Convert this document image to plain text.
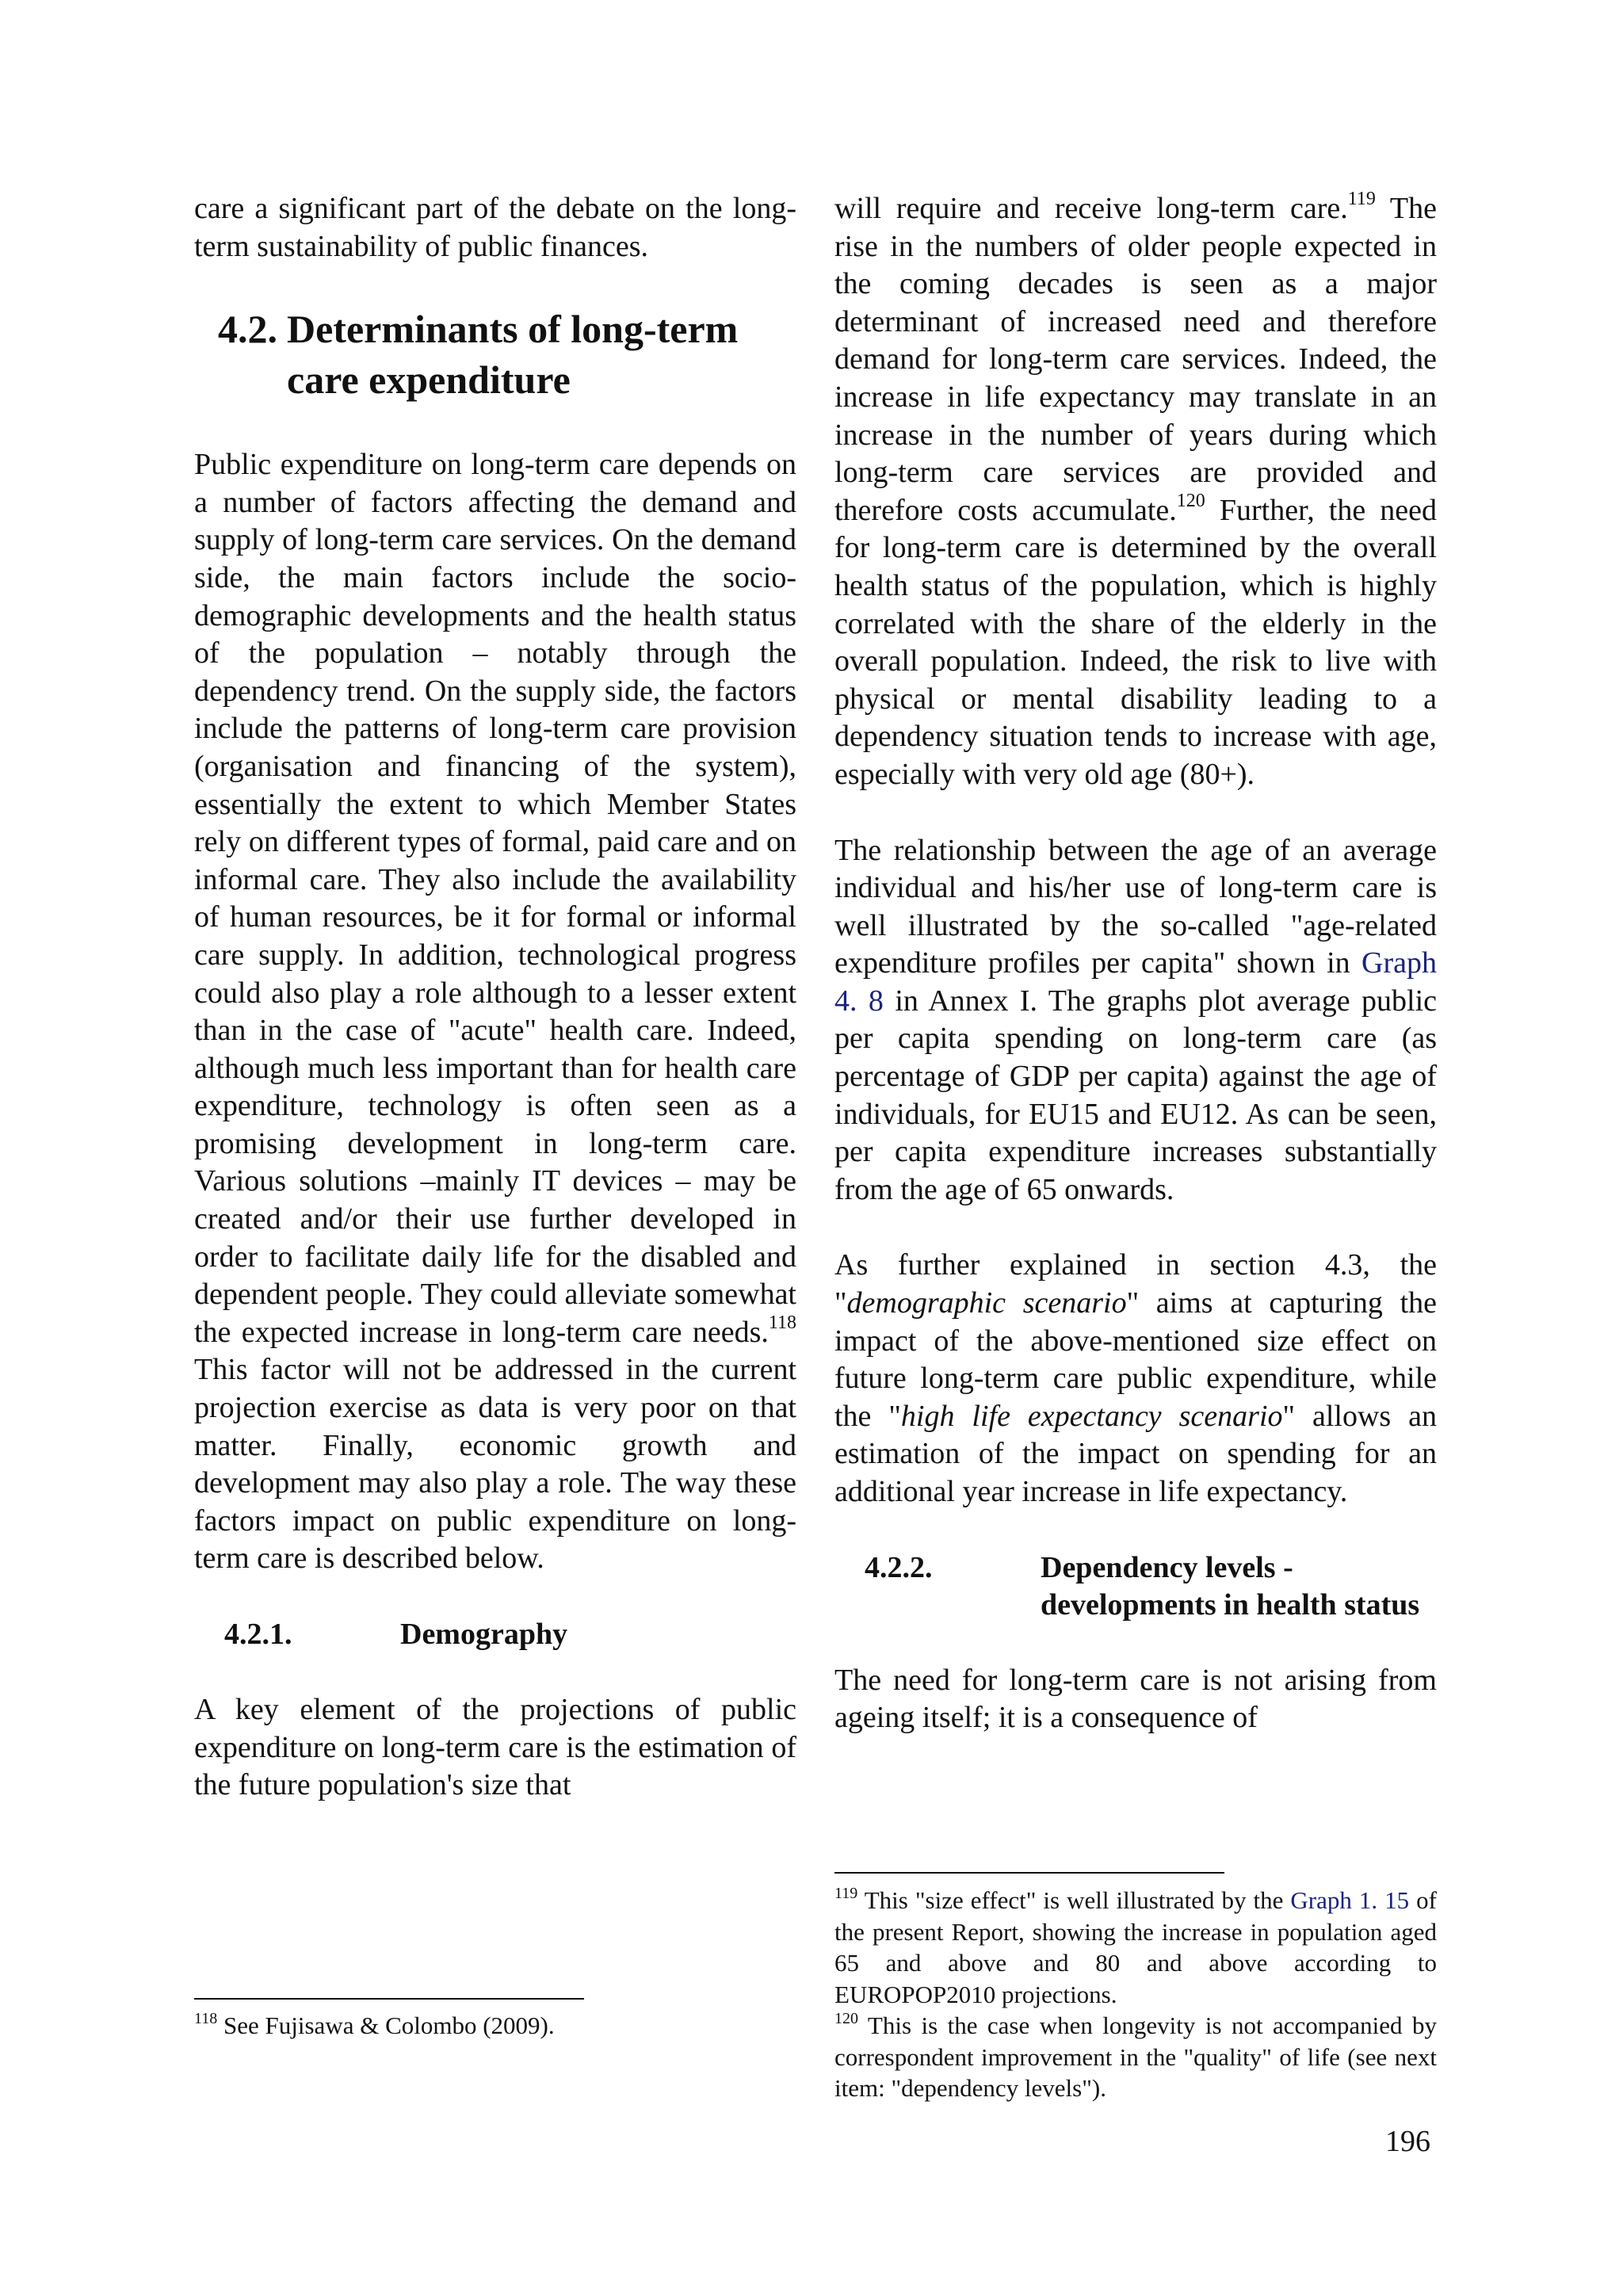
care a significant part of the debate on the long-term sustainability of public finances.

4.2. Determinants of long-term care expenditure

Public expenditure on long-term care depends on a number of factors affecting the demand and supply of long-term care services. On the demand side, the main factors include the socio-demographic developments and the health status of the population – notably through the dependency trend. On the supply side, the factors include the patterns of long-term care provision (organisation and financing of the system), essentially the extent to which Member States rely on different types of formal, paid care and on informal care. They also include the availability of human resources, be it for formal or informal care supply. In addition, technological progress could also play a role although to a lesser extent than in the case of "acute" health care. Indeed, although much less important than for health care expenditure, technology is often seen as a promising development in long-term care. Various solutions –mainly IT devices – may be created and/or their use further developed in order to facilitate daily life for the disabled and dependent people. They could alleviate somewhat the expected increase in long-term care needs.$^{118}$ This factor will not be addressed in the current projection exercise as data is very poor on that matter. Finally, economic growth and development may also play a role. The way these factors impact on public expenditure on long-term care is described below.

4.2.1.	Demography

A key element of the projections of public expenditure on long-term care is the estimation of the future population's size that

$^{118}$ See Fujisawa & Colombo (2009).

will require and receive long-term care.$^{119}$ The rise in the numbers of older people expected in the coming decades is seen as a major determinant of increased need and therefore demand for long-term care services. Indeed, the increase in life expectancy may translate in an increase in the number of years during which long-term care services are provided and therefore costs accumulate.$^{120}$ Further, the need for long-term care is determined by the overall health status of the population, which is highly correlated with the share of the elderly in the overall population. Indeed, the risk to live with physical or mental disability leading to a dependency situation tends to increase with age, especially with very old age (80+).

The relationship between the age of an average individual and his/her use of long-term care is well illustrated by the so-called "age-related expenditure profiles per capita" shown in Graph 4. 8 in Annex I. The graphs plot average public per capita spending on long-term care (as percentage of GDP per capita) against the age of individuals, for EU15 and EU12. As can be seen, per capita expenditure increases substantially from the age of 65 onwards.

As further explained in section 4.3, the "demographic scenario" aims at capturing the impact of the above-mentioned size effect on future long-term care public expenditure, while the "high life expectancy scenario" allows an estimation of the impact on spending for an additional year increase in life expectancy.

4.2.2.	Dependency levels - developments in health status

The need for long-term care is not arising from ageing itself; it is a consequence of

$^{119}$ This "size effect" is well illustrated by the Graph 1. 15 of the present Report, showing the increase in population aged 65 and above and 80 and above according to EUROPOP2010 projections.
$^{120}$ This is the case when longevity is not accompanied by correspondent improvement in the "quality" of life (see next item: "dependency levels").
196
